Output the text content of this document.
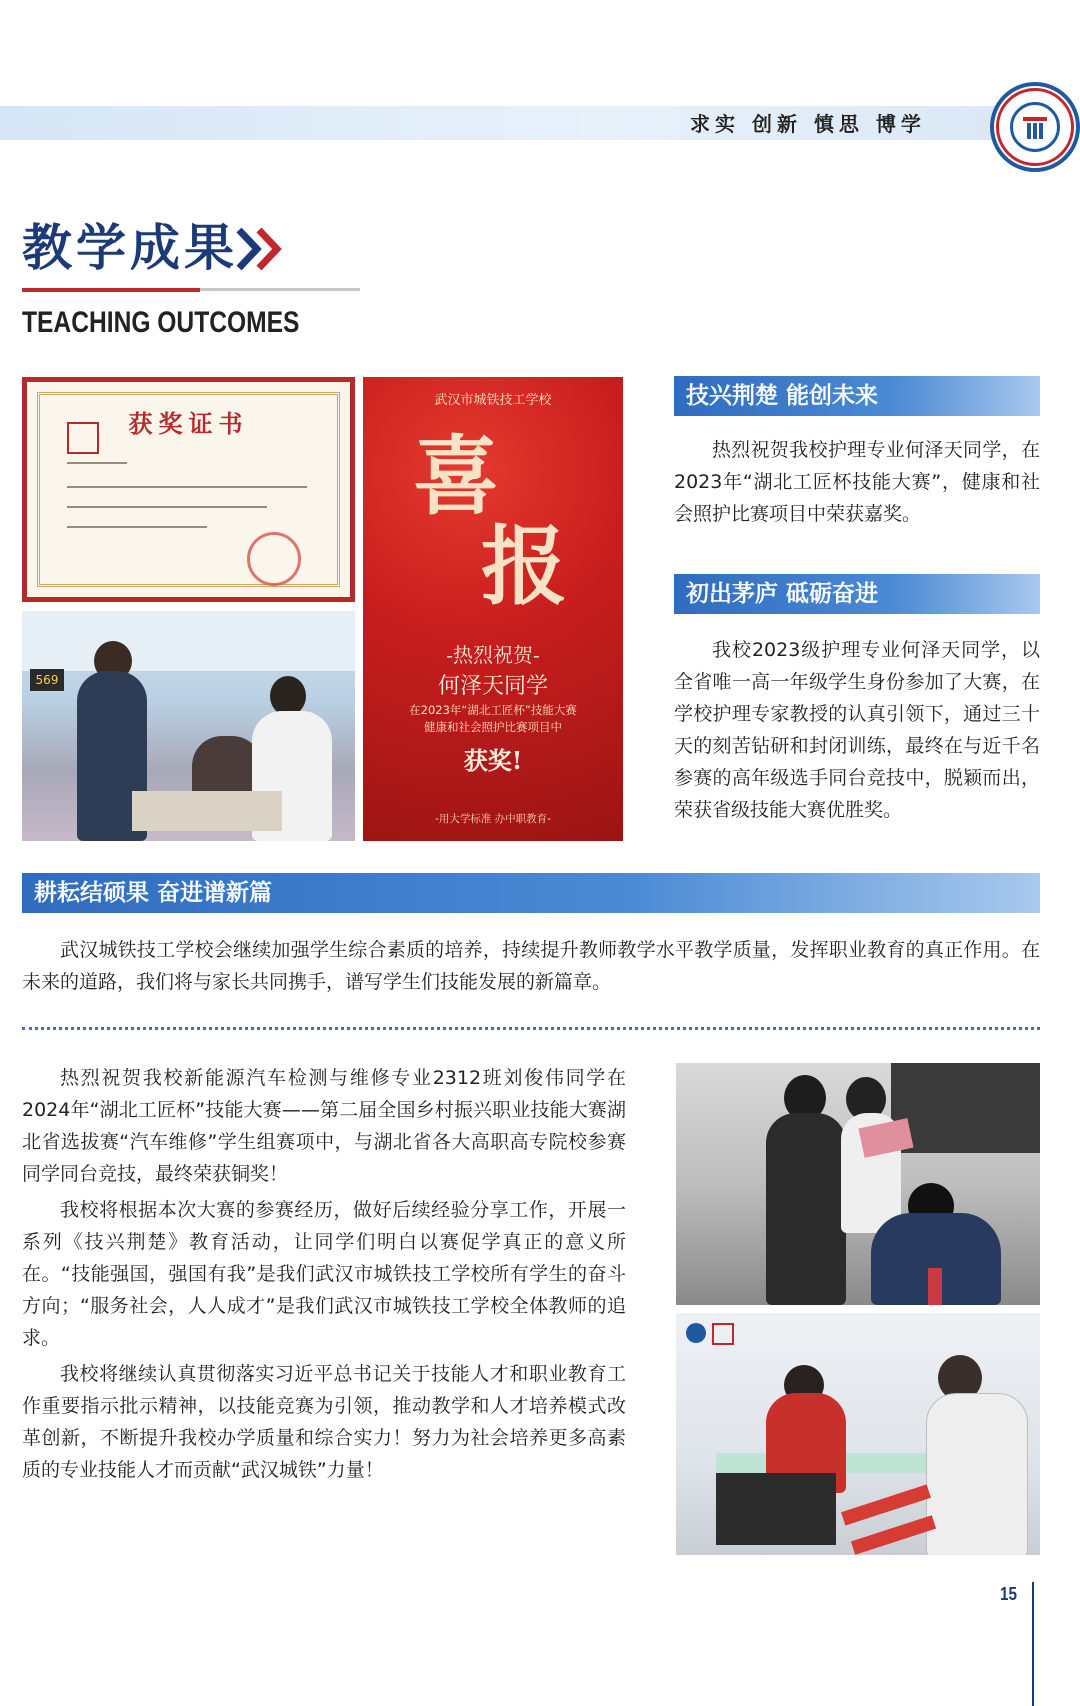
求实 创新 慎思 博学
教学成果
TEACHING OUTCOMES
获奖证书
569
武汉市城铁技工学校
喜
报
-热烈祝贺-
何泽天同学
在2023年“湖北工匠杯”技能大赛
健康和社会照护比赛项目中
获奖!
-用大学标准 办中职教育-
技兴荆楚 能创未来

热烈祝贺我校护理专业何泽天同学，在2023年“湖北工匠杯技能大赛”，健康和社会照护比赛项目中荣获嘉奖。

初出茅庐 砥砺奋进

我校2023级护理专业何泽天同学，以全省唯一高一年级学生身份参加了大赛，在学校护理专家教授的认真引领下，通过三十天的刻苦钻研和封闭训练，最终在与近千名参赛的高年级选手同台竞技中，脱颖而出，荣获省级技能大赛优胜奖。

耕耘结硕果 奋进谱新篇

武汉城铁技工学校会继续加强学生综合素质的培养，持续提升教师教学水平教学质量，发挥职业教育的真正作用。在未来的道路，我们将与家长共同携手，谱写学生们技能发展的新篇章。

热烈祝贺我校新能源汽车检测与维修专业2312班刘俊伟同学在2024年“湖北工匠杯”技能大赛——第二届全国乡村振兴职业技能大赛湖北省选拔赛“汽车维修”学生组赛项中，与湖北省各大高职高专院校参赛同学同台竞技，最终荣获铜奖！

我校将根据本次大赛的参赛经历，做好后续经验分享工作，开展一系列《技兴荆楚》教育活动，让同学们明白以赛促学真正的意义所在。“技能强国，强国有我”是我们武汉市城铁技工学校所有学生的奋斗方向；“服务社会，人人成才”是我们武汉市城铁技工学校全体教师的追求。

我校将继续认真贯彻落实习近平总书记关于技能人才和职业教育工作重要指示批示精神，以技能竞赛为引领，推动教学和人才培养模式改革创新，不断提升我校办学质量和综合实力！努力为社会培养更多高素质的专业技能人才而贡献“武汉城铁”力量！

15
